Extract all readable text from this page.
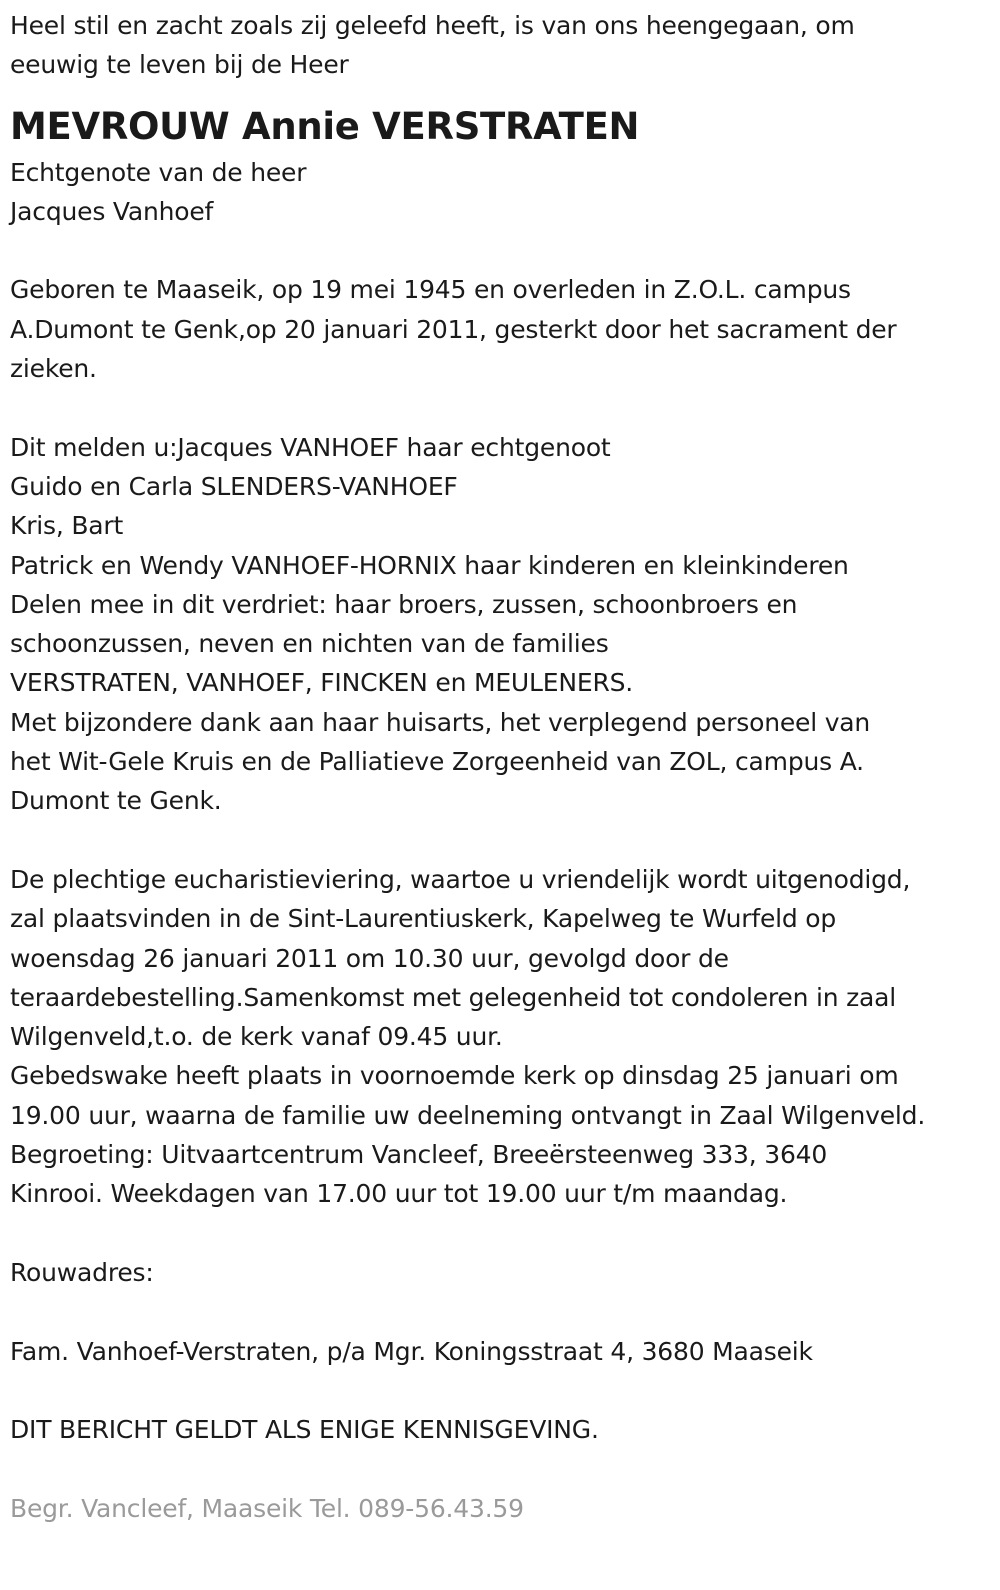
Heel stil en zacht zoals zij geleefd heeft, is van ons heengegaan, om
eeuwig te leven bij de Heer
MEVROUW Annie VERSTRATEN
Echtgenote van de heer
Jacques Vanhoef
Geboren te Maaseik, op 19 mei 1945 en overleden in Z.O.L. campus
A.Dumont te Genk,op 20 januari 2011, gesterkt door het sacrament der
zieken.
Dit melden u:Jacques VANHOEF haar echtgenoot
Guido en Carla SLENDERS-VANHOEF
Kris, Bart
Patrick en Wendy VANHOEF-HORNIX haar kinderen en kleinkinderen
Delen mee in dit verdriet: haar broers, zussen, schoonbroers en
schoonzussen, neven en nichten van de families
VERSTRATEN, VANHOEF, FINCKEN en MEULENERS.
Met bijzondere dank aan haar huisarts, het verplegend personeel van
het Wit-Gele Kruis en de Palliatieve Zorgeenheid van ZOL, campus A.
Dumont te Genk.
De plechtige eucharistieviering, waartoe u vriendelijk wordt uitgenodigd,
zal plaatsvinden in de Sint-Laurentiuskerk, Kapelweg te Wurfeld op
woensdag 26 januari 2011 om 10.30 uur, gevolgd door de
teraardebestelling.Samenkomst met gelegenheid tot condoleren in zaal
Wilgenveld,t.o. de kerk vanaf 09.45 uur.
Gebedswake heeft plaats in voornoemde kerk op dinsdag 25 januari om
19.00 uur, waarna de familie uw deelneming ontvangt in Zaal Wilgenveld.
Begroeting: Uitvaartcentrum Vancleef, Breeërsteenweg 333, 3640
Kinrooi. Weekdagen van 17.00 uur tot 19.00 uur t/m maandag.
Rouwadres:
Fam. Vanhoef-Verstraten, p/a Mgr. Koningsstraat 4, 3680 Maaseik
DIT BERICHT GELDT ALS ENIGE KENNISGEVING.
Begr. Vancleef, Maaseik Tel. 089-56.43.59
